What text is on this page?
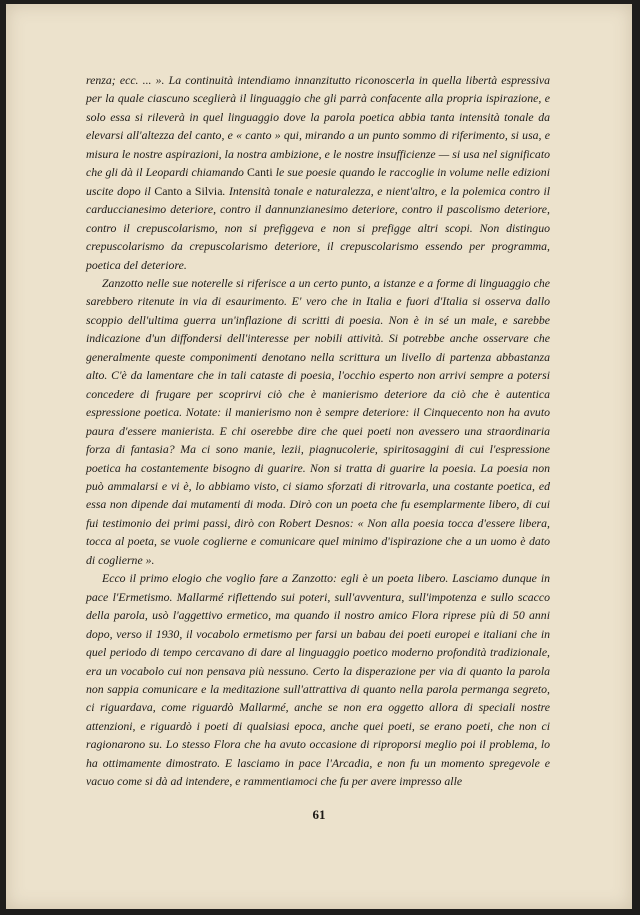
renza; ecc. ... ». La continuità intendiamo innanzitutto riconoscerla in quella libertà espressiva per la quale ciascuno sceglierà il linguaggio che gli parrà confacente alla propria ispirazione, e solo essa si rileverà in quel linguaggio dove la parola poetica abbia tanta intensità tonale da elevarsi all'altezza del canto, e « canto » qui, mirando a un punto sommo di riferimento, si usa, e misura le nostre aspirazioni, la nostra ambizione, e le nostre insufficienze — si usa nel significato che gli dà il Leopardi chiamando Canti le sue poesie quando le raccoglie in volume nelle edizioni uscite dopo il Canto a Silvia. Intensità tonale e naturalezza, e nient'altro, e la polemica contro il carduccianesimo deteriore, contro il dannunzianesimo deteriore, contro il pascolismo deteriore, contro il crepuscolarismo, non si prefiggeva e non si prefigge altri scopi. Non distinguo crepuscolarismo da crepuscolarismo deteriore, il crepuscolarismo essendo per programma, poetica del deteriore.

Zanzotto nelle sue noterelle si riferisce a un certo punto, a istanze e a forme di linguaggio che sarebbero ritenute in via di esaurimento. E' vero che in Italia e fuori d'Italia si osserva dallo scoppio dell'ultima guerra un'inflazione di scritti di poesia. Non è in sé un male, e sarebbe indicazione d'un diffondersi dell'interesse per nobili attività. Si potrebbe anche osservare che generalmente queste componimenti denotano nella scrittura un livello di partenza abbastanza alto. C'è da lamentare che in tali cataste di poesia, l'occhio esperto non arrivi sempre a potersi concedere di frugare per scoprirvi ciò che è manierismo deteriore da ciò che è autentica espressione poetica. Notate: il manierismo non è sempre deteriore: il Cinquecento non ha avuto paura d'essere manierista. E chi oserebbe dire che quei poeti non avessero una straordinaria forza di fantasia? Ma ci sono manie, lezii, piagnucolerie, spiritosaggini di cui l'espressione poetica ha costantemente bisogno di guarire. Non si tratta di guarire la poesia. La poesia non può ammalarsi e vi è, lo abbiamo visto, ci siamo sforzati di ritrovarla, una costante poetica, ed essa non dipende dai mutamenti di moda. Dirò con un poeta che fu esemplarmente libero, di cui fui testimonio dei primi passi, dirò con Robert Desnos: « Non alla poesia tocca d'essere libera, tocca al poeta, se vuole coglierne e comunicare quel minimo d'ispirazione che a un uomo è dato di coglierne ».

Ecco il primo elogio che voglio fare a Zanzotto: egli è un poeta libero. Lasciamo dunque in pace l'Ermetismo. Mallarmé riflettendo sui poteri, sull'avventura, sull'impotenza e sullo scacco della parola, usò l'aggettivo ermetico, ma quando il nostro amico Flora riprese più di 50 anni dopo, verso il 1930, il vocabolo ermetismo per farsi un babau dei poeti europei e italiani che in quel periodo di tempo cercavano di dare al linguaggio poetico moderno profondità tradizionale, era un vocabolo cui non pensava più nessuno. Certo la disperazione per via di quanto la parola non sappia comunicare e la meditazione sull'attrattiva di quanto nella parola permanga segreto, ci riguardava, come riguardò Mallarmé, anche se non era oggetto allora di speciali nostre attenzioni, e riguardò i poeti di qualsiasi epoca, anche quei poeti, se erano poeti, che non ci ragionarono su. Lo stesso Flora che ha avuto occasione di riproporsi meglio poi il problema, lo ha ottimamente dimostrato. E lasciamo in pace l'Arcadia, e non fu un momento spregevole e vacuo come si dà ad intendere, e rammentiamoci che fu per avere impresso alle

61
